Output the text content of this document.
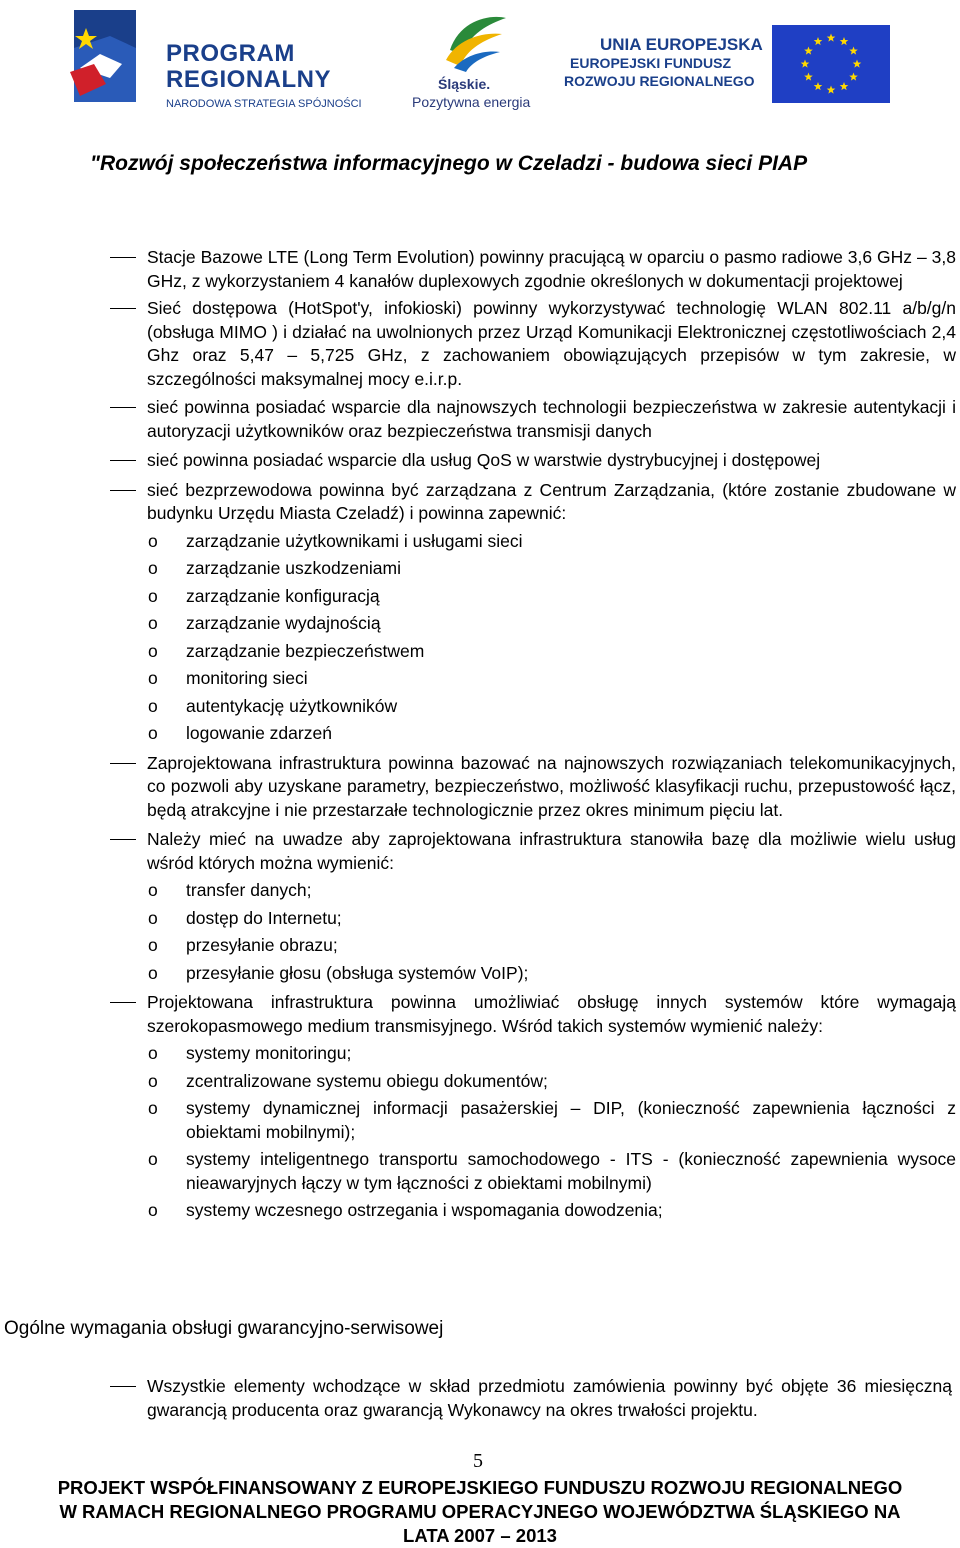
PROGRAM
REGIONALNY
NARODOWA STRATEGIA SPÓJNOŚCI
Śląskie.
Pozytywna energia
UNIA EUROPEJSKA
EUROPEJSKI FUNDUSZ
ROZWOJU REGIONALNEGO
"Rozwój społeczeństwa informacyjnego w Czeladzi - budowa sieci PIAP
Stacje Bazowe LTE (Long Term Evolution) powinny pracującą w oparciu o pasmo radiowe 3,6 GHz – 3,8 GHz, z wykorzystaniem 4 kanałów duplexowych zgodnie określonych w dokumentacji projektowej
Sieć dostępowa (HotSpot'y, infokioski) powinny wykorzystywać technologię WLAN 802.11 a/b/g/n (obsługa MIMO ) i działać na uwolnionych przez Urząd Komunikacji Elektronicznej częstotliwościach 2,4 Ghz oraz 5,47 – 5,725 GHz, z zachowaniem obowiązujących przepisów w tym zakresie, w szczególności maksymalnej mocy e.i.r.p.
sieć powinna posiadać wsparcie dla najnowszych technologii bezpieczeństwa w zakresie autentykacji i autoryzacji użytkowników oraz bezpieczeństwa transmisji danych
sieć powinna posiadać wsparcie dla usług QoS w warstwie dystrybucyjnej i dostępowej
sieć bezprzewodowa powinna być zarządzana z Centrum Zarządzania, (które zostanie zbudowane w budynku Urzędu Miasta Czeladź) i powinna zapewnić:
o zarządzanie użytkownikami i usługami sieci
o zarządzanie uszkodzeniami
o zarządzanie konfiguracją
o zarządzanie wydajnością
o zarządzanie bezpieczeństwem
o monitoring sieci
o autentykację użytkowników
o logowanie zdarzeń
Zaprojektowana infrastruktura powinna bazować na najnowszych rozwiązaniach telekomunikacyjnych, co pozwoli aby uzyskane parametry, bezpieczeństwo, możliwość klasyfikacji ruchu, przepustowość łącz, będą atrakcyjne i nie przestarzałe technologicznie przez okres minimum pięciu lat.
Należy mieć na uwadze aby zaprojektowana infrastruktura stanowiła bazę dla możliwie wielu usług wśród których można wymienić:
o transfer danych;
o dostęp do Internetu;
o przesyłanie obrazu;
o przesyłanie głosu (obsługa systemów VoIP);
Projektowana infrastruktura powinna umożliwiać obsługę innych systemów które wymagają szerokopasmowego medium transmisyjnego. Wśród takich systemów wymienić należy:
o systemy monitoringu;
o zcentralizowane systemu obiegu dokumentów;
o systemy dynamicznej informacji pasażerskiej – DIP, (konieczność zapewnienia łączności z obiektami mobilnymi);
o systemy inteligentnego transportu samochodowego - ITS - (konieczność zapewnienia wysoce nieawaryjnych łączy w tym łączności z obiektami mobilnymi)
o systemy wczesnego ostrzegania i wspomagania dowodzenia;
Ogólne wymagania obsługi gwarancyjno-serwisowej
Wszystkie elementy wchodzące w skład przedmiotu zamówienia powinny być objęte 36 miesięczną gwarancją producenta oraz gwarancją Wykonawcy na okres trwałości projektu.
5
PROJEKT WSPÓŁFINANSOWANY Z EUROPEJSKIEGO FUNDUSZU ROZWOJU REGIONALNEGO
W RAMACH REGIONALNEGO PROGRAMU OPERACYJNEGO WOJEWÓDZTWA ŚLĄSKIEGO NA
LATA 2007 – 2013
